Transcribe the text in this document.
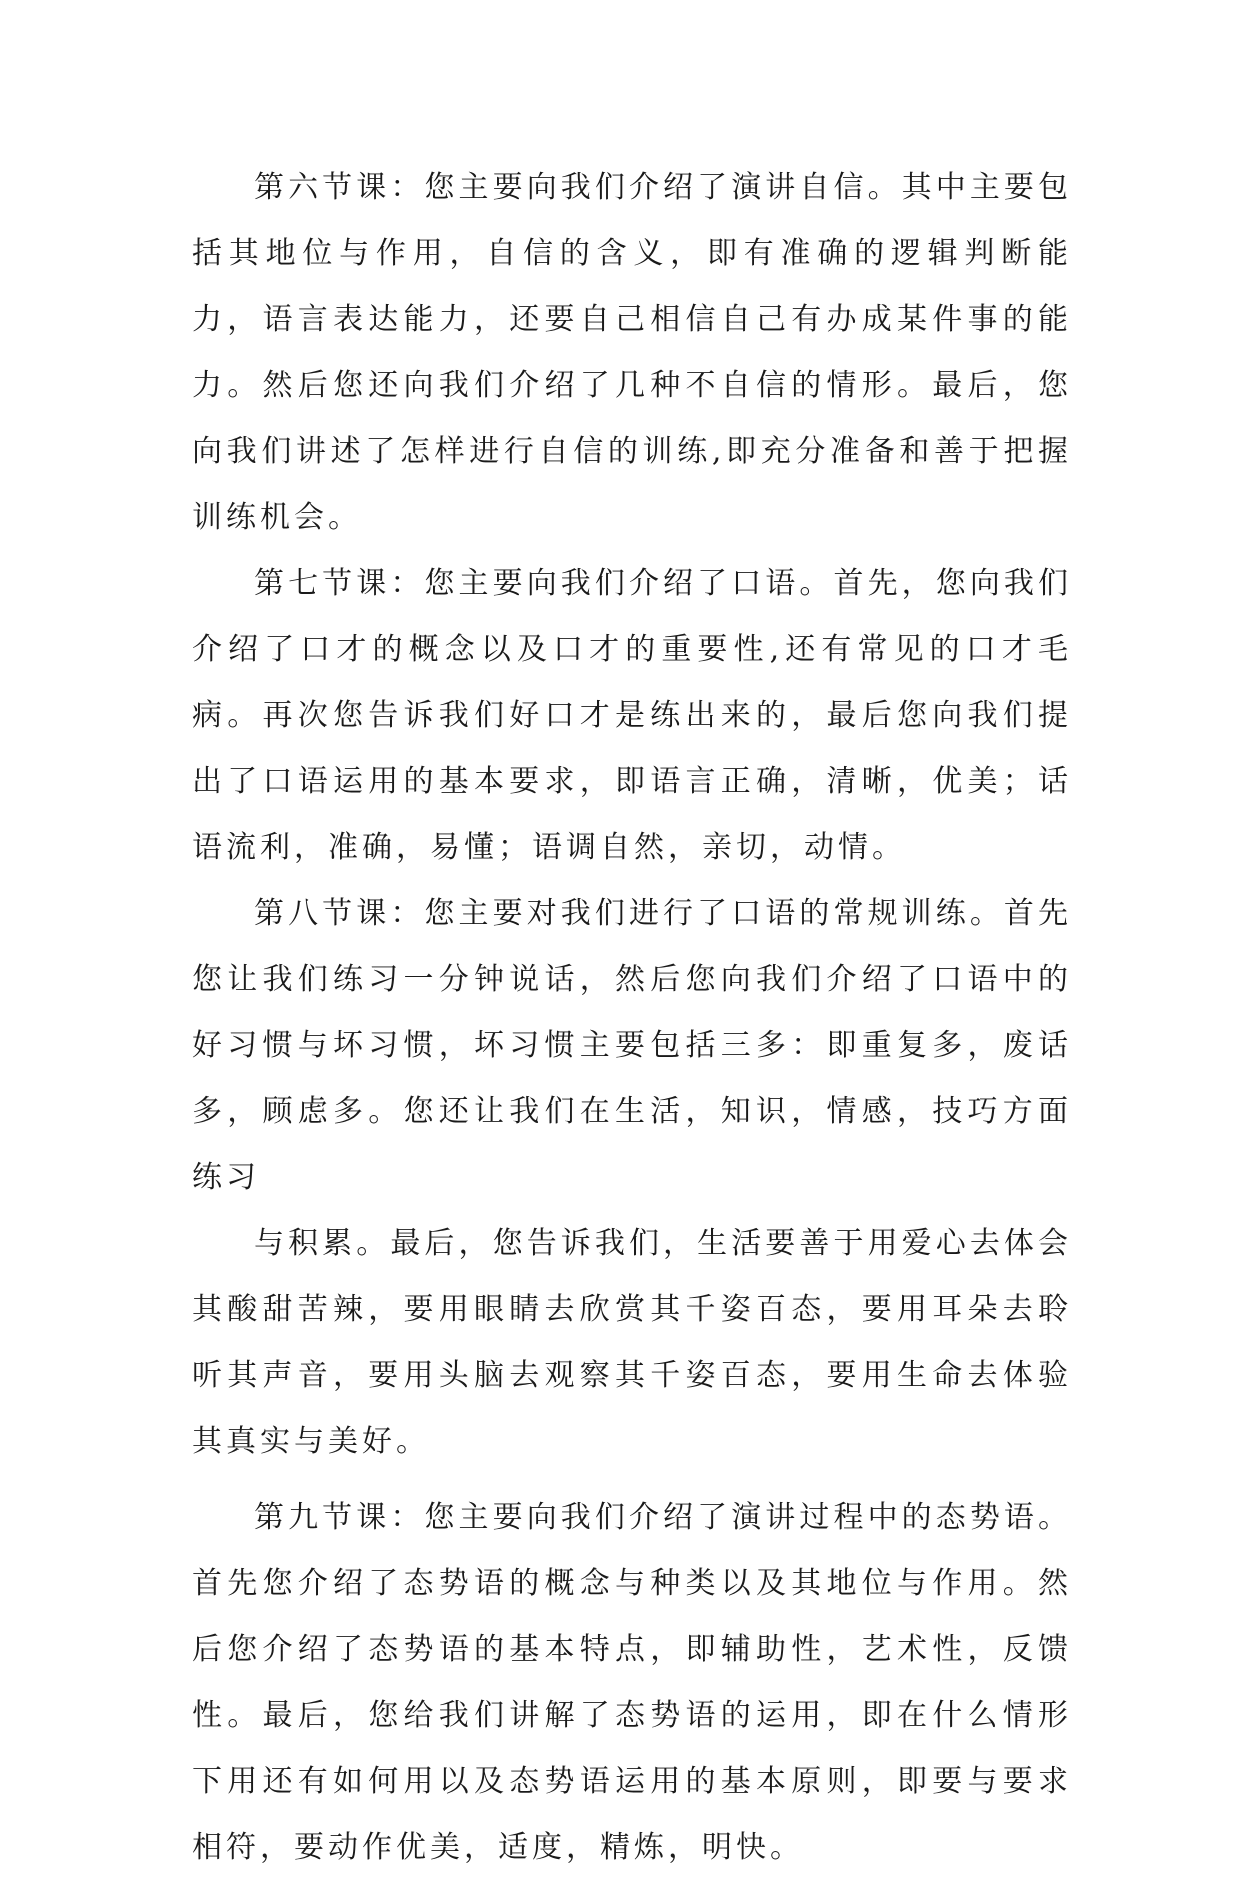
第六节课：您主要向我们介绍了演讲自信。其中主要包括其地位与作用，自信的含义，即有准确的逻辑判断能力，语言表达能力，还要自己相信自己有办成某件事的能力。然后您还向我们介绍了几种不自信的情形。最后，您向我们讲述了怎样进行自信的训练,即充分准备和善于把握训练机会。

第七节课：您主要向我们介绍了口语。首先，您向我们介绍了口才的概念以及口才的重要性,还有常见的口才毛病。再次您告诉我们好口才是练出来的，最后您向我们提出了口语运用的基本要求，即语言正确，清晰，优美；话语流利，准确，易懂；语调自然，亲切，动情。

第八节课：您主要对我们进行了口语的常规训练。首先您让我们练习一分钟说话，然后您向我们介绍了口语中的好习惯与坏习惯，坏习惯主要包括三多：即重复多，废话多，顾虑多。您还让我们在生活，知识，情感，技巧方面练习

与积累。最后，您告诉我们，生活要善于用爱心去体会其酸甜苦辣，要用眼睛去欣赏其千姿百态，要用耳朵去聆听其声音，要用头脑去观察其千姿百态，要用生命去体验其真实与美好。

第九节课：您主要向我们介绍了演讲过程中的态势语。首先您介绍了态势语的概念与种类以及其地位与作用。然后您介绍了态势语的基本特点，即辅助性，艺术性，反馈性。最后，您给我们讲解了态势语的运用，即在什么情形下用还有如何用以及态势语运用的基本原则，即要与要求相符，要动作优美，适度，精炼，明快。
